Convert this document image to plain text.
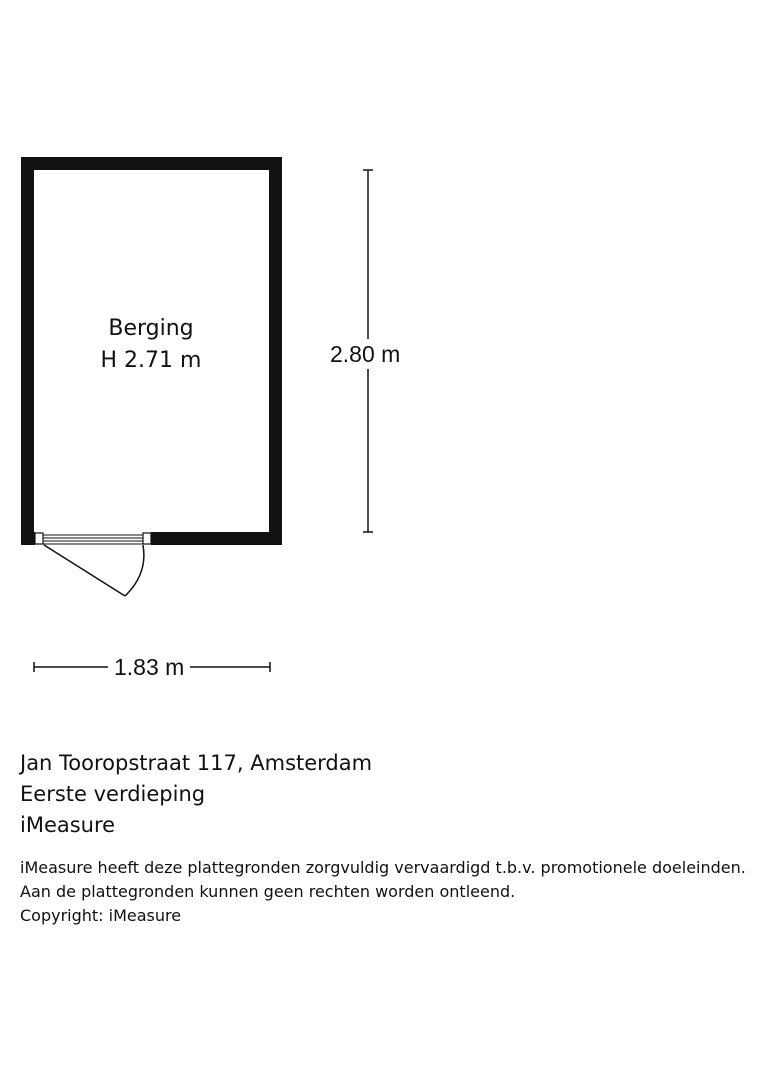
Berging
H 2.71 m	2.80 m
1.83 m
Jan Tooropstraat 117, Amsterdam
Eerste verdieping
iMeasure
iMeasure heeft deze plattegronden zorgvuldig vervaardigd t.b.v. promotionele doeleinden.
Aan de plattegronden kunnen geen rechten worden ontleend.
Copyright: iMeasure
